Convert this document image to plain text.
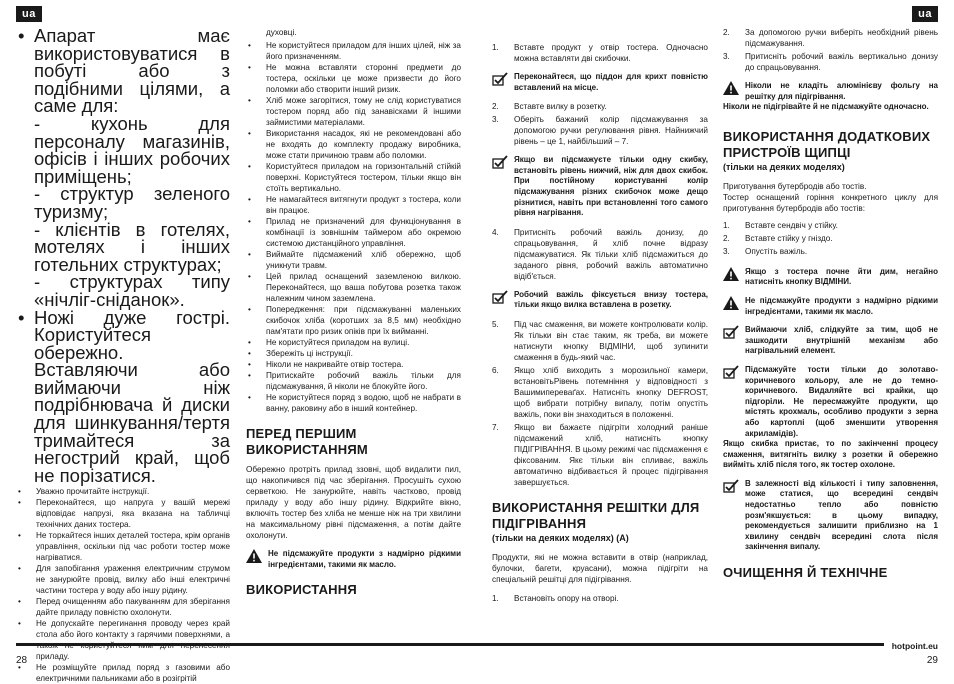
ua	ua
• Апарат має використовуватися в побуті або з подібними цілями, а саме для:
- кухонь для персоналу магазинів, офісів і інших робочих приміщень;
- структур зеленого туризму;
- клієнтів в готелях, мотелях і інших готельних структурах;
- структурах типу «нічліг-сніданок».
• Ножі дуже гострі. Користуйтеся обережно. Вставляючи або виймаючи ніж подрібнювача й диски для шинкування/тертя тримайтеся за негострий край, щоб не порізатися.
• Уважно прочитайте інструкції.
• Переконайтеся, що напруга у вашій мережі відповідає напрузі, яка вказана на табличці технічних даних тостера.
• Не торкайтеся інших деталей тостера, крім органів управління, оскільки під час роботи тостер може нагріватися.
• Для запобігання ураження електричним струмом не занурюйте провід, вилку або інші електричні частини тостера у воду або іншу рідину.
• Перед очищенням або пакуванням для зберігання дайте приладу повністю охолонути.
• Не допускайте перегинання проводу через край стола або його контакту з гарячими поверхнями, а приладу.
• Не розміщуйте прилад поряд з газовими або електричними пальниками або в розігрітій
духовці.
• Не користуйтеся приладом для інших цілей, ніж за його призначенням.
• Не можна вставляти сторонні предмети до тостера, оскільки це може призвести до його поломки або створити інший ризик.
• Хліб може загорітися, тому не слід користуватися тостером поряд або під занавісками й іншими займистими матеріалами.
• Використання насадок, які не рекомендовані або не входять до комплекту продажу виробника, може стати причиною травм або поломки.
• Користуйтеся приладом на горизонтальній стійкій поверхні. Користуйтеся тостером, тільки якщо він стоїть вертикально.
• Не намагайтеся витягнути продукт з тостера, коли він працює.
• Прилад не призначений для функціонування в комбінації із зовнішнім таймером або окремою системою дистанційного управління.
• Виймайте підсмажений хліб обережно, щоб уникнути травм.
• Цей прилад оснащений заземленою вилкою. Переконайтеся, що ваша побутова розетка також належним чином заземлена.
• Попередження: при підсмажуванні маленьких скибочок хліба (коротших за 8,5 мм) необхідно пам'ятати про ризик опіків при їх вийманні.
• Не користуйтеся приладом на вулиці.
• Збережіть ці інструкції.
• Ніколи не накривайте отвір тостера.
• Притискайте робочий важіль тільки для підсмажування, й ніколи не блокуйте його.
• Не користуйтеся поряд з водою, щоб не набрати в ванну, раковину або в інший контейнер.
ПЕРЕД ПЕРШИМ ВИКОРИСТАННЯМ
Обережно протріть прилад ззовні, щоб видалити пил, що накопичився під час зберігання. Просушіть сухою серветкою. Не занурюйте, навіть частково, провід приладу у воду або іншу рідину. Відкрийте вікно, включіть тостер без хліба не менше ніж на три хвилини на максимальному рівні підсмаження, а потім дайте охолонути.
Не підсмажуйте продукти з надмірно рідкими інгредієнтами, такими як масло.
ВИКОРИСТАННЯ
1. Вставте продукт у отвір тостера. Одночасно можна вставляти дві скибочки.
Переконайтеся, що піддон для крихт повністю вставлений на місце.
2. Вставте вилку в розетку.
3. Оберіть бажаний колір підсмажування за допомогою ручки регулювання рівня. Найнижчий рівень – це 1, найбільший – 7.
Якщо ви підсмажуєте тільки одну скибку, встановіть рівень нижчий, ніж для двох скибок. При постійному користуванні колір підсмажування різних скибочок може дещо різнитися, навіть при встановленні того самого рівня нагрівання.
4. Притисніть робочий важіль донизу, до спрацьовування, й хліб почне відразу підсмажуватися. Як тільки хліб підсмажиться до заданого рівня, робочий важіль автоматично відіб'ється.
Робочий важіль фіксується внизу тостера, тільки якщо вилка вставлена в розетку.
5. Під час смаження, ви можете контролювати колір. Як тільки він стає таким, як треба, ви можете натиснути кнопку ВІДМІНИ, щоб зупинити смаження в будь-який час.
6. Якщо хліб виходить з морозильної камери, встановітьРівень потемніння у відповідності з Вашимипереваґах. Натисніть кнопку DEFROST, щоб вибрати потрібну випалу, потім опустіть важіль, поки він знаходиться в положенні.
7. Якщо ви бажаєте підігріти холодний раніше підсмажений хліб, натисніть кнопку ПІДІГРІВАННЯ. В цьому режимі час підсмаження є фіксованим. Якє тільки він спливає, важіль автоматично відбивається й процес підігрівання завершується.
ВИКОРИСТАННЯ РЕШІТКИ ДЛЯ ПІДІГРІВАННЯ
(тільки на деяких моделях) (A)
Продукти, які не можна вставити в отвір (наприклад, булочки, багети, круасани), можна підігріти на спеціальній решітці для підігрівання.
1. Встановіть опору на отворі.
2. За допомогою ручки виберіть необхідний рівень підсмажування.
3. Притисніть робочий важіль вертикально донизу до спрацьовування.
Ніколи не кладіть алюмінієву фольгу на решітку для підігрівання.
Ніколи не підігрівайте й не підсмажуйте одночасно.
ВИКОРИСТАННЯ ДОДАТКОВИХ ПРИСТРОЇВ ЩИПЦІ
(тільки на деяких моделях)
Приготування бутербродів або тостів.
Тостер оснащений горіння конкретного циклу для приготування бутербродів або тостів:
1. Вставте сендвіч у стійку.
2. Вставте стійку у гніздо.
3. Опустіть важіль.
Якщо з тостера почне йти дим, негайно натисніть кнопку ВІДМІНИ.
Не підсмажуйте продукти з надмірно рідкими інгредієнтами, такими як масло.
Виймаючи хліб, слідкуйте за тим, щоб не зашкодити внутрішній механізм або нагрівальний елемент.
Підсмажуйте тости тільки до золотаво-коричневого кольору, але не до темно-коричневого. Видаляйте всі крайки, що підгоріли. Не пересмажуйте продукти, що містять крохмаль, особливо продукти з зерна або картоплі (щоб зменшити утворення акриламідів).
Якщо скибка пристає, то по закінченні процесу смаження, витягніть вилку з розетки й обережно вийміть хліб після того, як тостер охолоне.
В залежності від кількості і типу заповнення, може статися, що всередині сендвіч недостатньо тепло або повністю розм'якшується: в цьому випадку, рекомендується залишити приблизно на 1 хвилину сендвіч всередині слота після закінчення випалу.
ОЧИЩЕННЯ Й ТЕХНІЧНЕ
hotpoint.eu
28	29
